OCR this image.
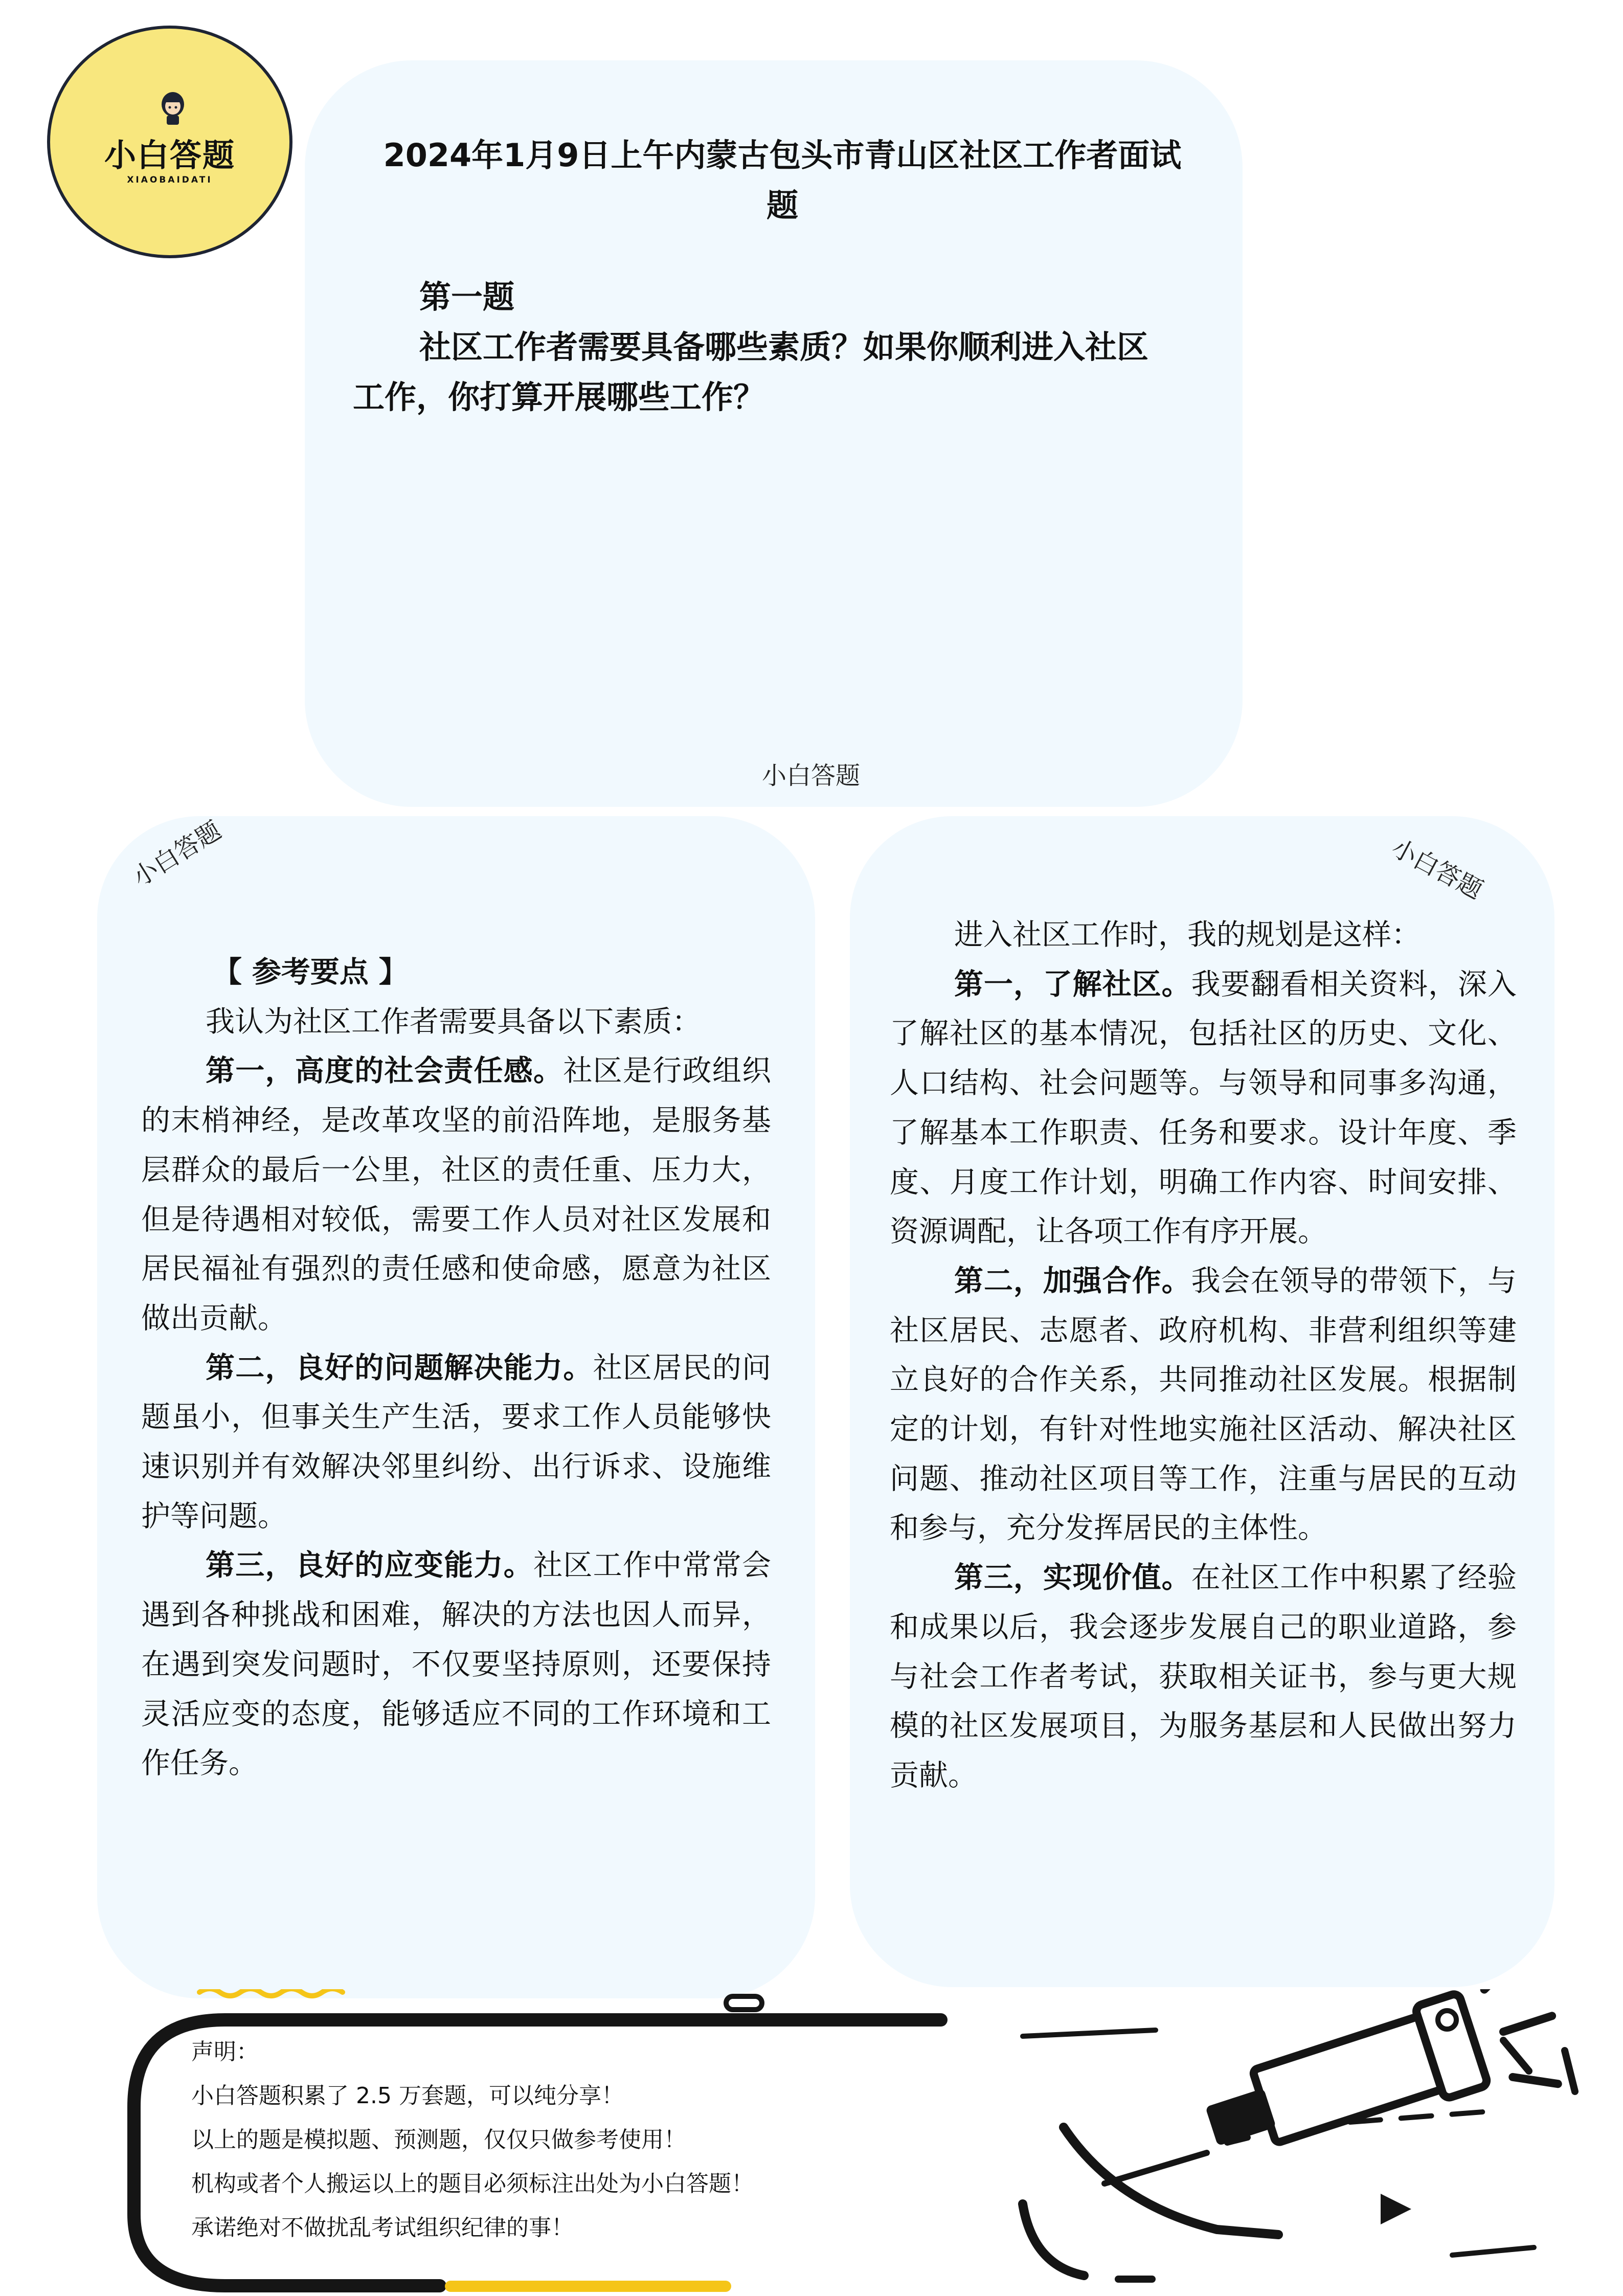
小白答题
XIAOBAIDATI
2024年1月9日上午内蒙古包头市青山区社区工作者面试
题
第一题
社区工作者需要具备哪些素质？如果你顺利进入社区
工作，你打算开展哪些工作？
小白答题
小白答题

【 参考要点 】

我认为社区工作者需要具备以下素质：

第一，高度的社会责任感。社区是行政组织的末梢神经，是改革攻坚的前沿阵地，是服务基层群众的最后一公里，社区的责任重、压力大，但是待遇相对较低，需要工作人员对社区发展和居民福祉有强烈的责任感和使命感，愿意为社区做出贡献。

第二，良好的问题解决能力。社区居民的问题虽小，但事关生产生活，要求工作人员能够快速识别并有效解决邻里纠纷、出行诉求、设施维护等问题。

第三，良好的应变能力。社区工作中常常会遇到各种挑战和困难，解决的方法也因人而异，在遇到突发问题时，不仅要坚持原则，还要保持灵活应变的态度，能够适应不同的工作环境和工作任务。

小白答题

进入社区工作时，我的规划是这样：

第一，了解社区。我要翻看相关资料，深入了解社区的基本情况，包括社区的历史、文化、人口结构、社会问题等。与领导和同事多沟通，了解基本工作职责、任务和要求。设计年度、季度、月度工作计划，明确工作内容、时间安排、资源调配，让各项工作有序开展。

第二，加强合作。我会在领导的带领下，与社区居民、志愿者、政府机构、非营利组织等建立良好的合作关系，共同推动社区发展。根据制定的计划，有针对性地实施社区活动、解决社区问题、推动社区项目等工作，注重与居民的互动和参与，充分发挥居民的主体性。

第三，实现价值。在社区工作中积累了经验和成果以后，我会逐步发展自己的职业道路，参与社会工作者考试，获取相关证书，参与更大规模的社区发展项目，为服务基层和人民做出努力贡献。

声明：
小白答题积累了 2.5 万套题，可以纯分享！
以上的题是模拟题、预测题，仅仅只做参考使用！
机构或者个人搬运以上的题目必须标注出处为小白答题！
承诺绝对不做扰乱考试组织纪律的事！
